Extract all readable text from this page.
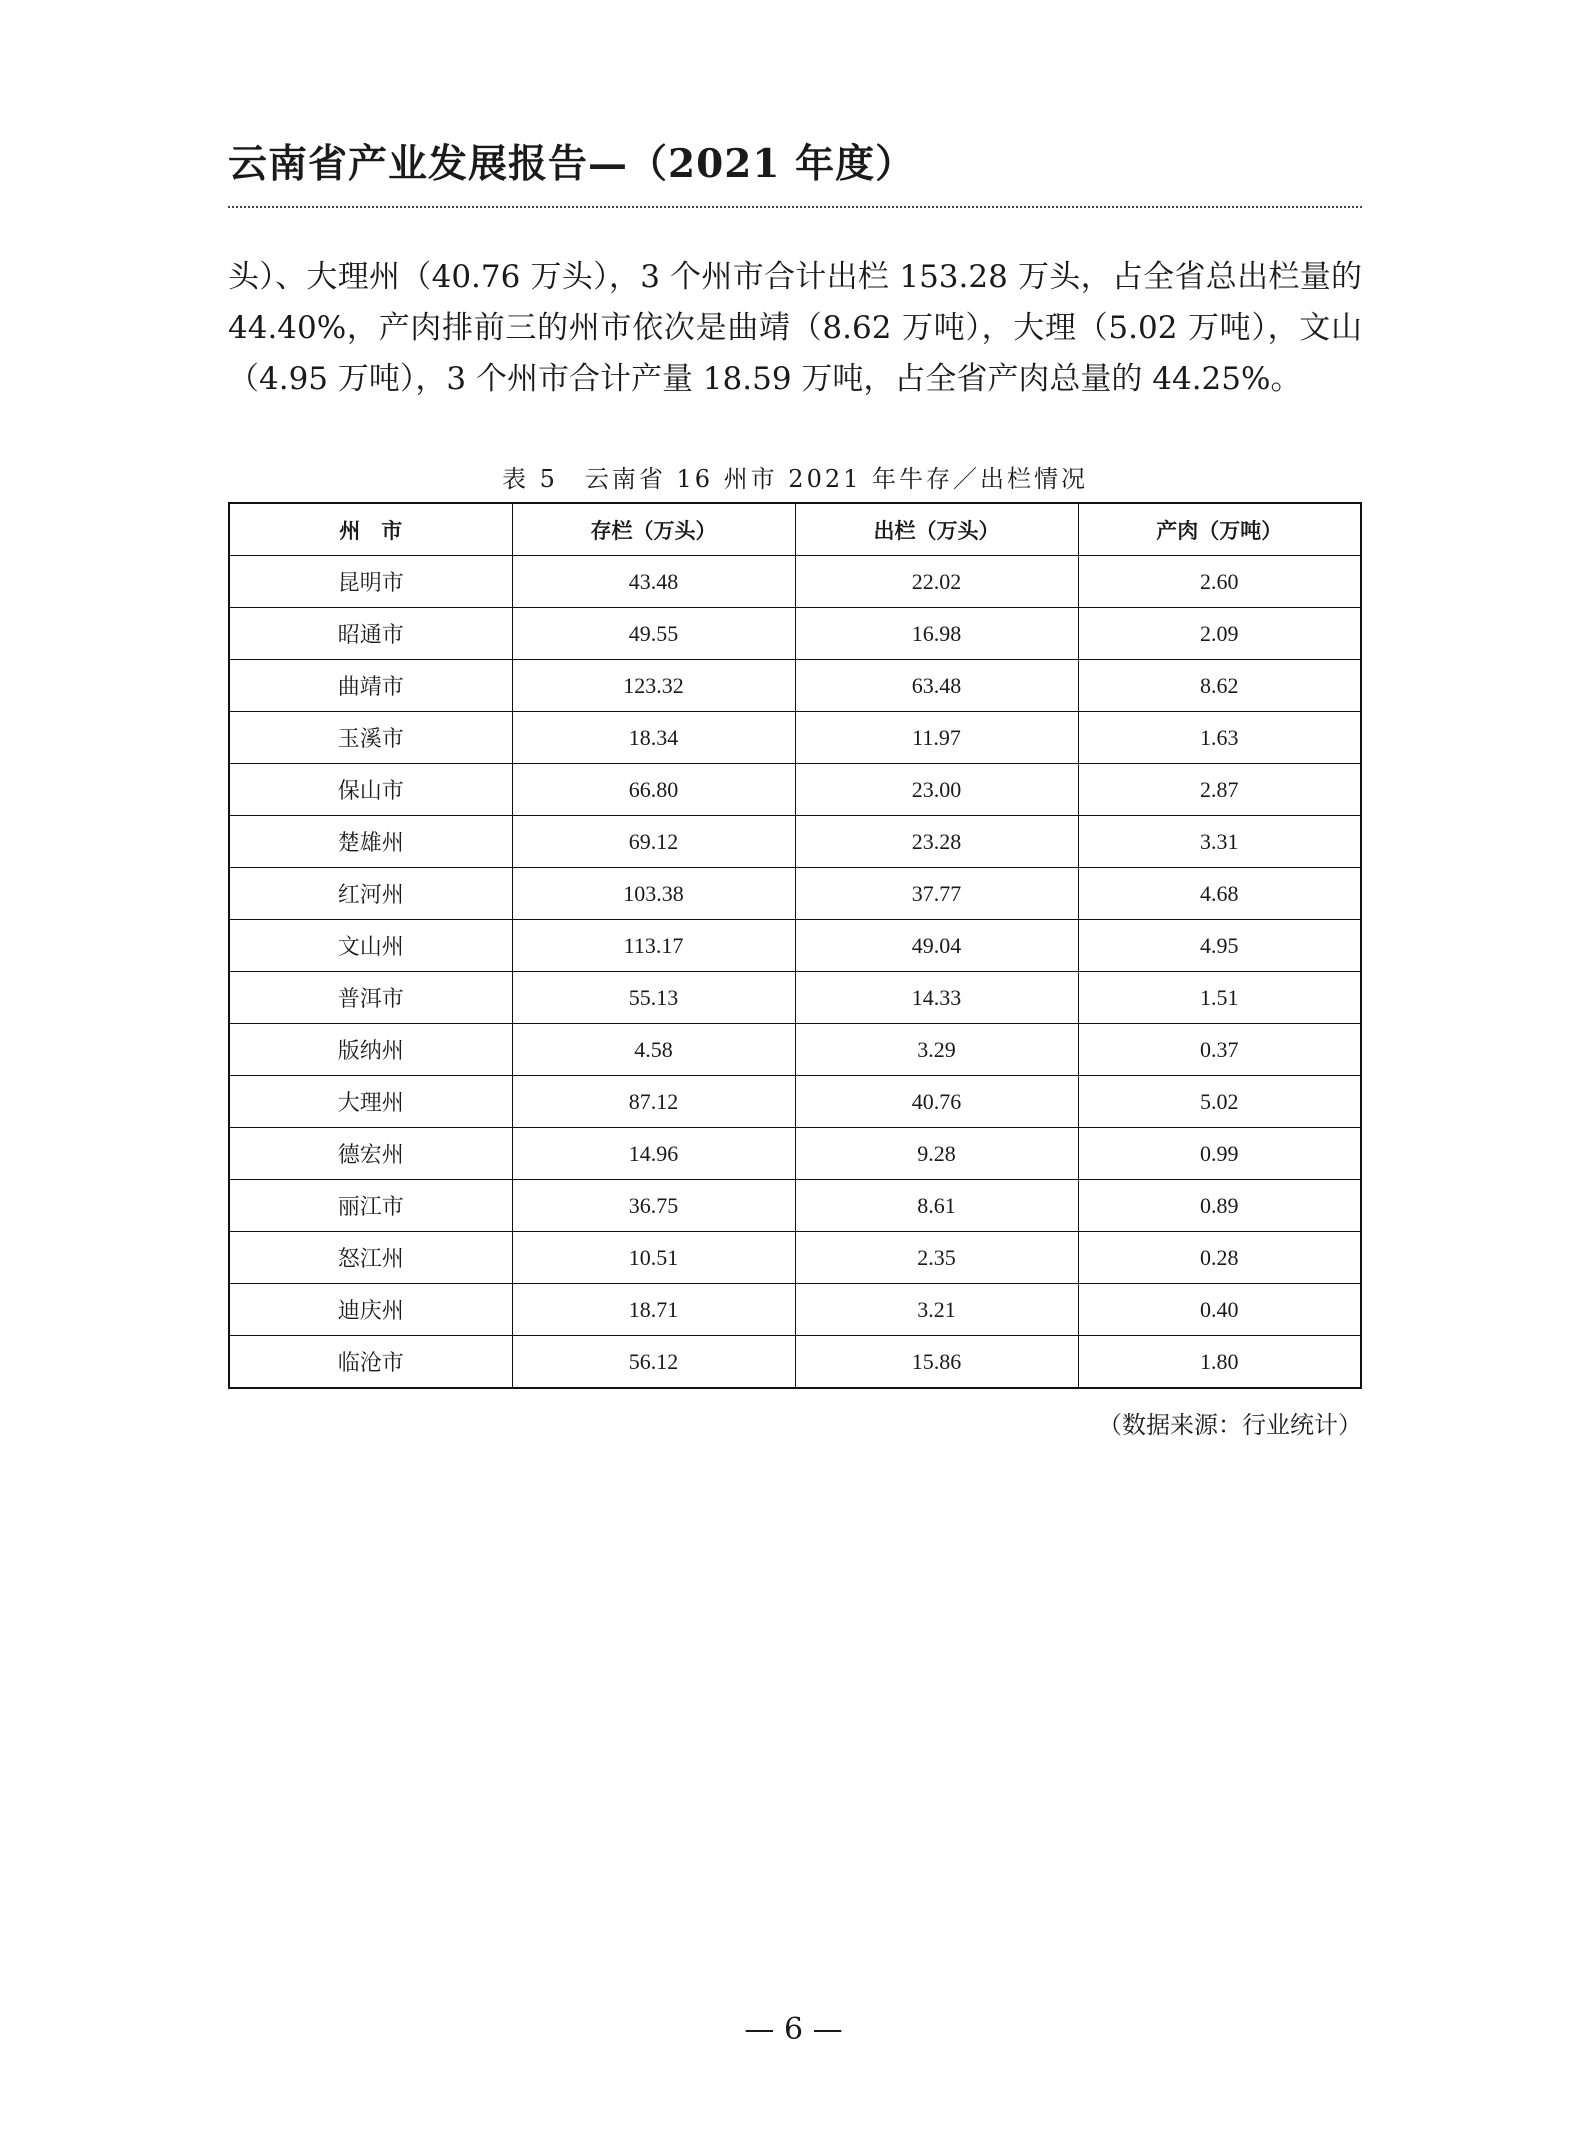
云南省产业发展报告—（2021 年度）

头）、大理州（40.76 万头），3 个州市合计出栏 153.28 万头，占全省总出栏量的 44.40%，产肉排前三的州市依次是曲靖（8.62 万吨），大理（5.02 万吨），文山（4.95 万吨），3 个州市合计产量 18.59 万吨，占全省产肉总量的 44.25%。

表 5　云南省 16 州市 2021 年牛存／出栏情况
州　市	存栏（万头）	出栏（万头）	产肉（万吨）
昆明市	43.48	22.02	2.60
昭通市	49.55	16.98	2.09
曲靖市	123.32	63.48	8.62
玉溪市	18.34	11.97	1.63
保山市	66.80	23.00	2.87
楚雄州	69.12	23.28	3.31
红河州	103.38	37.77	4.68
文山州	113.17	49.04	4.95
普洱市	55.13	14.33	1.51
版纳州	4.58	3.29	0.37
大理州	87.12	40.76	5.02
德宏州	14.96	9.28	0.99
丽江市	36.75	8.61	0.89
怒江州	10.51	2.35	0.28
迪庆州	18.71	3.21	0.40
临沧市	56.12	15.86	1.80
（数据来源：行业统计）
— 6 —
